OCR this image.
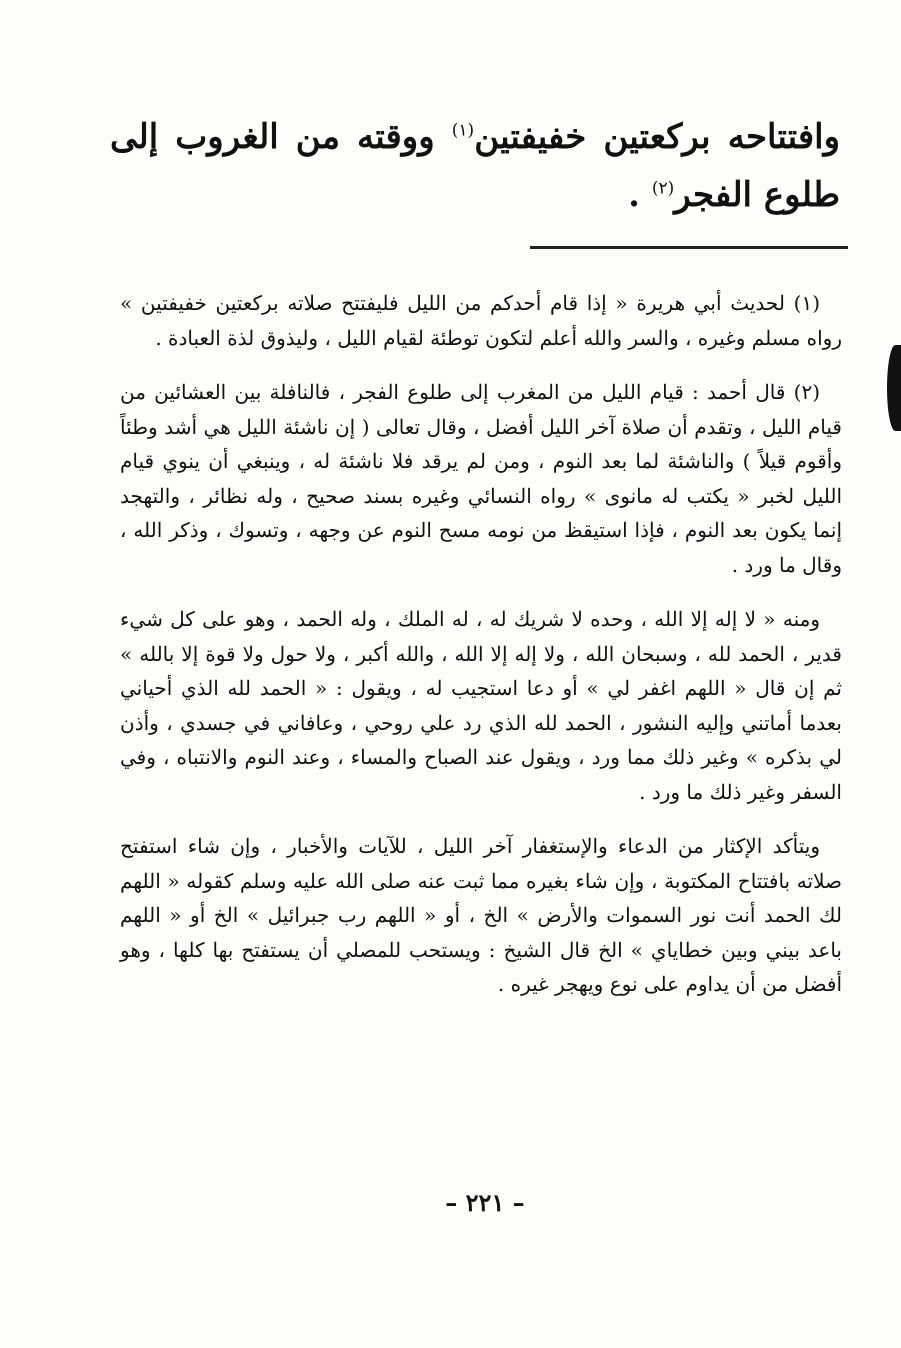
وافتتاحه بركعتين خفيفتين$^{(١)}$ ووقته من الغروب إلى طلوع الفجر$^{(٢)}$ .

(١) لحديث أبي هريرة « إذا قام أحدكم من الليل فليفتتح صلاته بركعتين خفيفتين » رواه مسلم وغيره ، والسر والله أعلم لتكون توطئة لقيام الليل ، وليذوق لذة العبادة .

(٢) قال أحمد : قيام الليل من المغرب إلى طلوع الفجر ، فالنافلة بين العشائين من قيام الليل ، وتقدم أن صلاة آخر الليل أفضل ، وقال تعالى ( إن ناشئة الليل هي أشد وطئاً وأقوم قيلاً ) والناشئة لما بعد النوم ، ومن لم يرقد فلا ناشئة له ، وينبغي أن ينوي قيام الليل لخبر « يكتب له مانوى » رواه النسائي وغيره بسند صحيح ، وله نظائر ، والتهجد إنما يكون بعد النوم ، فإذا استيقظ من نومه مسح النوم عن وجهه ، وتسوك ، وذكر الله ، وقال ما ورد .

ومنه « لا إله إلا الله ، وحده لا شريك له ، له الملك ، وله الحمد ، وهو على كل شيء قدير ، الحمد لله ، وسبحان الله ، ولا إله إلا الله ، والله أكبر ، ولا حول ولا قوة إلا بالله » ثم إن قال « اللهم اغفر لي » أو دعا استجيب له ، ويقول : « الحمد لله الذي أحياني بعدما أماتني وإليه النشور ، الحمد لله الذي رد علي روحي ، وعافاني في جسدي ، وأذن لي بذكره » وغير ذلك مما ورد ، ويقول عند الصباح والمساء ، وعند النوم والانتباه ، وفي السفر وغير ذلك ما ورد .

ويتأكد الإكثار من الدعاء والإستغفار آخر الليل ، للآيات والأخبار ، وإن شاء استفتح صلاته بافتتاح المكتوبة ، وإن شاء بغيره مما ثبت عنه صلى الله عليه وسلم كقوله « اللهم لك الحمد أنت نور السموات والأرض » الخ ، أو « اللهم رب جبرائيل » الخ أو « اللهم باعد بيني وبين خطاياي » الخ قال الشيخ : ويستحب للمصلي أن يستفتح بها كلها ، وهو أفضل من أن يداوم على نوع ويهجر غيره .

– ٢٢١ –
